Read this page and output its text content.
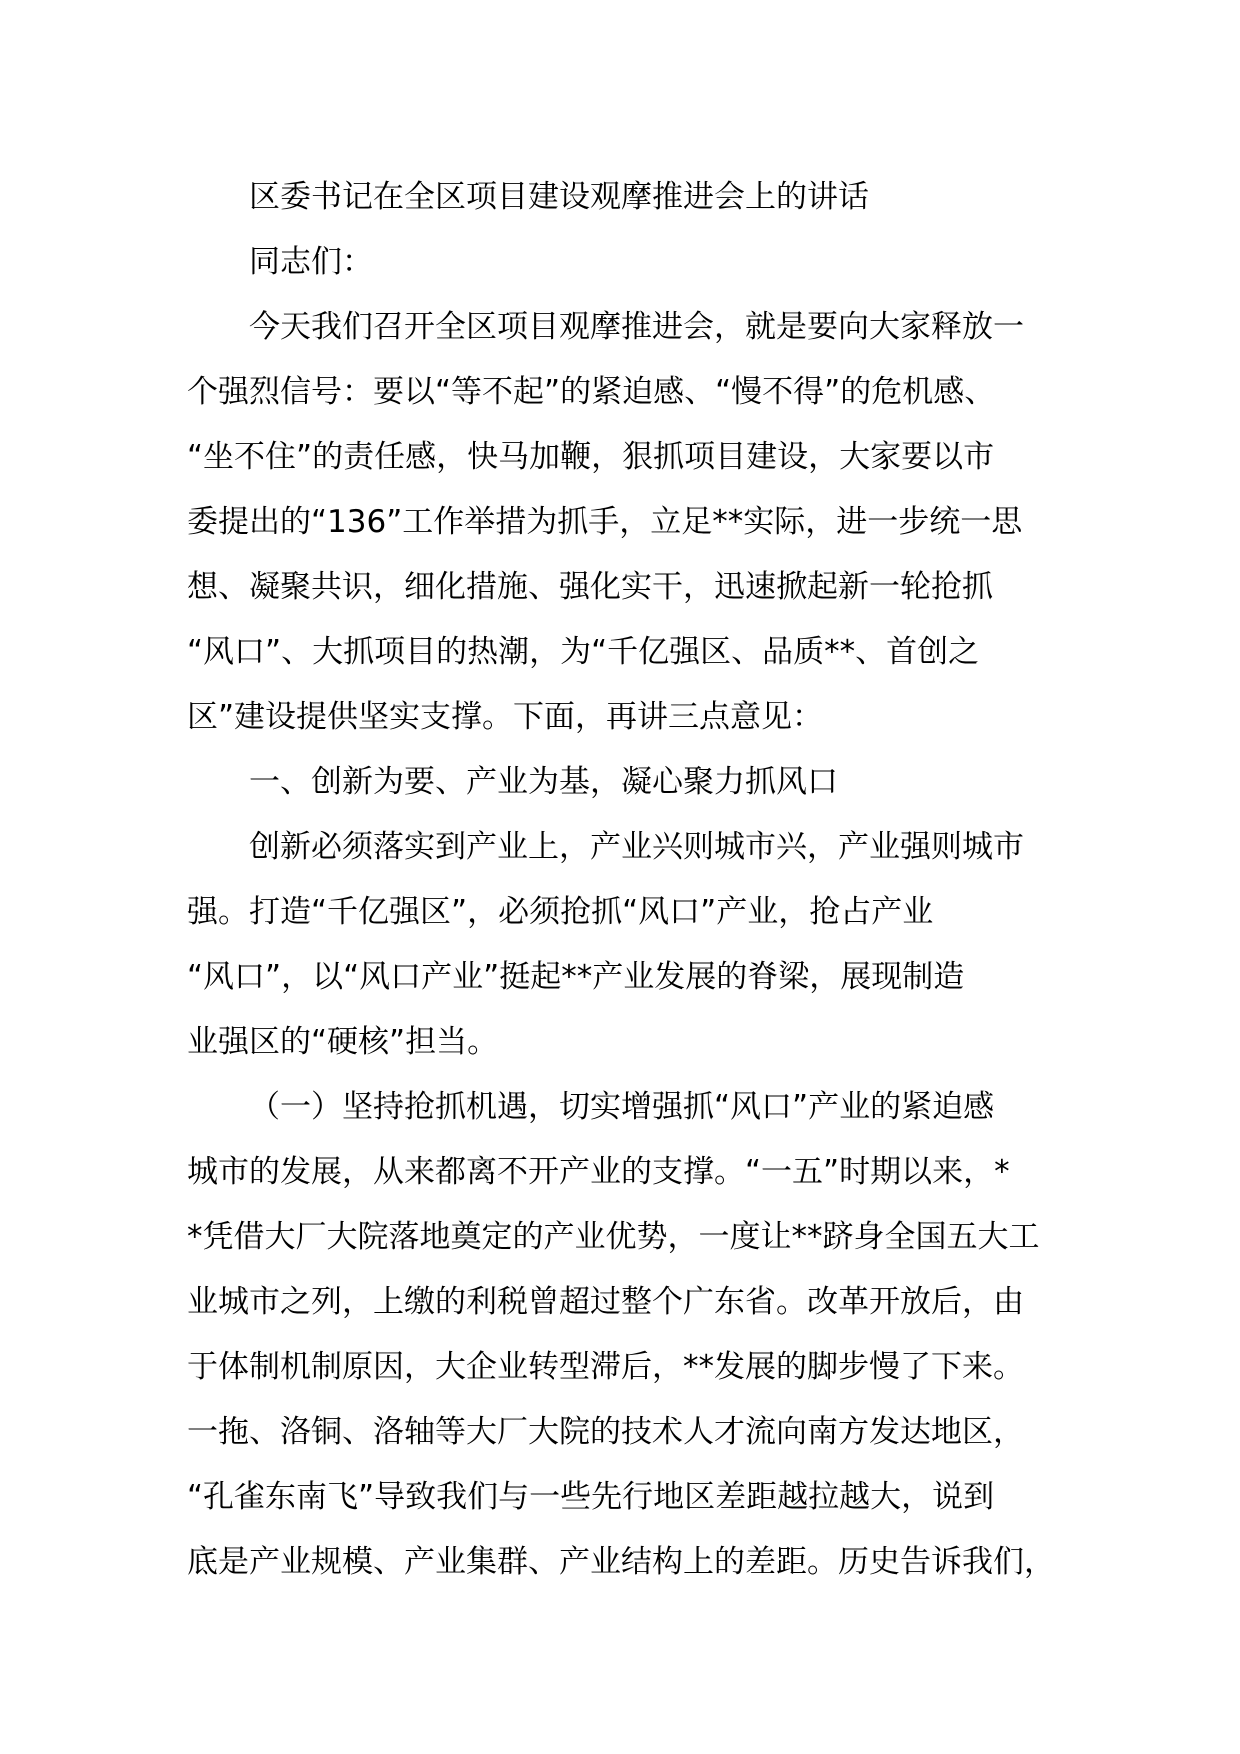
区委书记在全区项目建设观摩推进会上的讲话

同志们：

今天我们召开全区项目观摩推进会，就是要向大家释放一

个强烈信号：要以“等不起”的紧迫感、“慢不得”的危机感、

“坐不住”的责任感，快马加鞭，狠抓项目建设，大家要以市

委提出的“136”工作举措为抓手，立足**实际，进一步统一思

想、凝聚共识，细化措施、强化实干，迅速掀起新一轮抢抓

“风口”、大抓项目的热潮，为“千亿强区、品质**、首创之

区”建设提供坚实支撑。下面，再讲三点意见：

一、创新为要、产业为基，凝心聚力抓风口

创新必须落实到产业上，产业兴则城市兴，产业强则城市

强。打造“千亿强区”，必须抢抓“风口”产业，抢占产业

“风口”，以“风口产业”挺起**产业发展的脊梁，展现制造

业强区的“硬核”担当。

（一）坚持抢抓机遇，切实增强抓“风口”产业的紧迫感

城市的发展，从来都离不开产业的支撑。“一五”时期以来，*

*凭借大厂大院落地奠定的产业优势，一度让**跻身全国五大工

业城市之列，上缴的利税曾超过整个广东省。改革开放后，由

于体制机制原因，大企业转型滞后，**发展的脚步慢了下来。

一拖、洛铜、洛轴等大厂大院的技术人才流向南方发达地区，

“孔雀东南飞”导致我们与一些先行地区差距越拉越大，说到

底是产业规模、产业集群、产业结构上的差距。历史告诉我们，
